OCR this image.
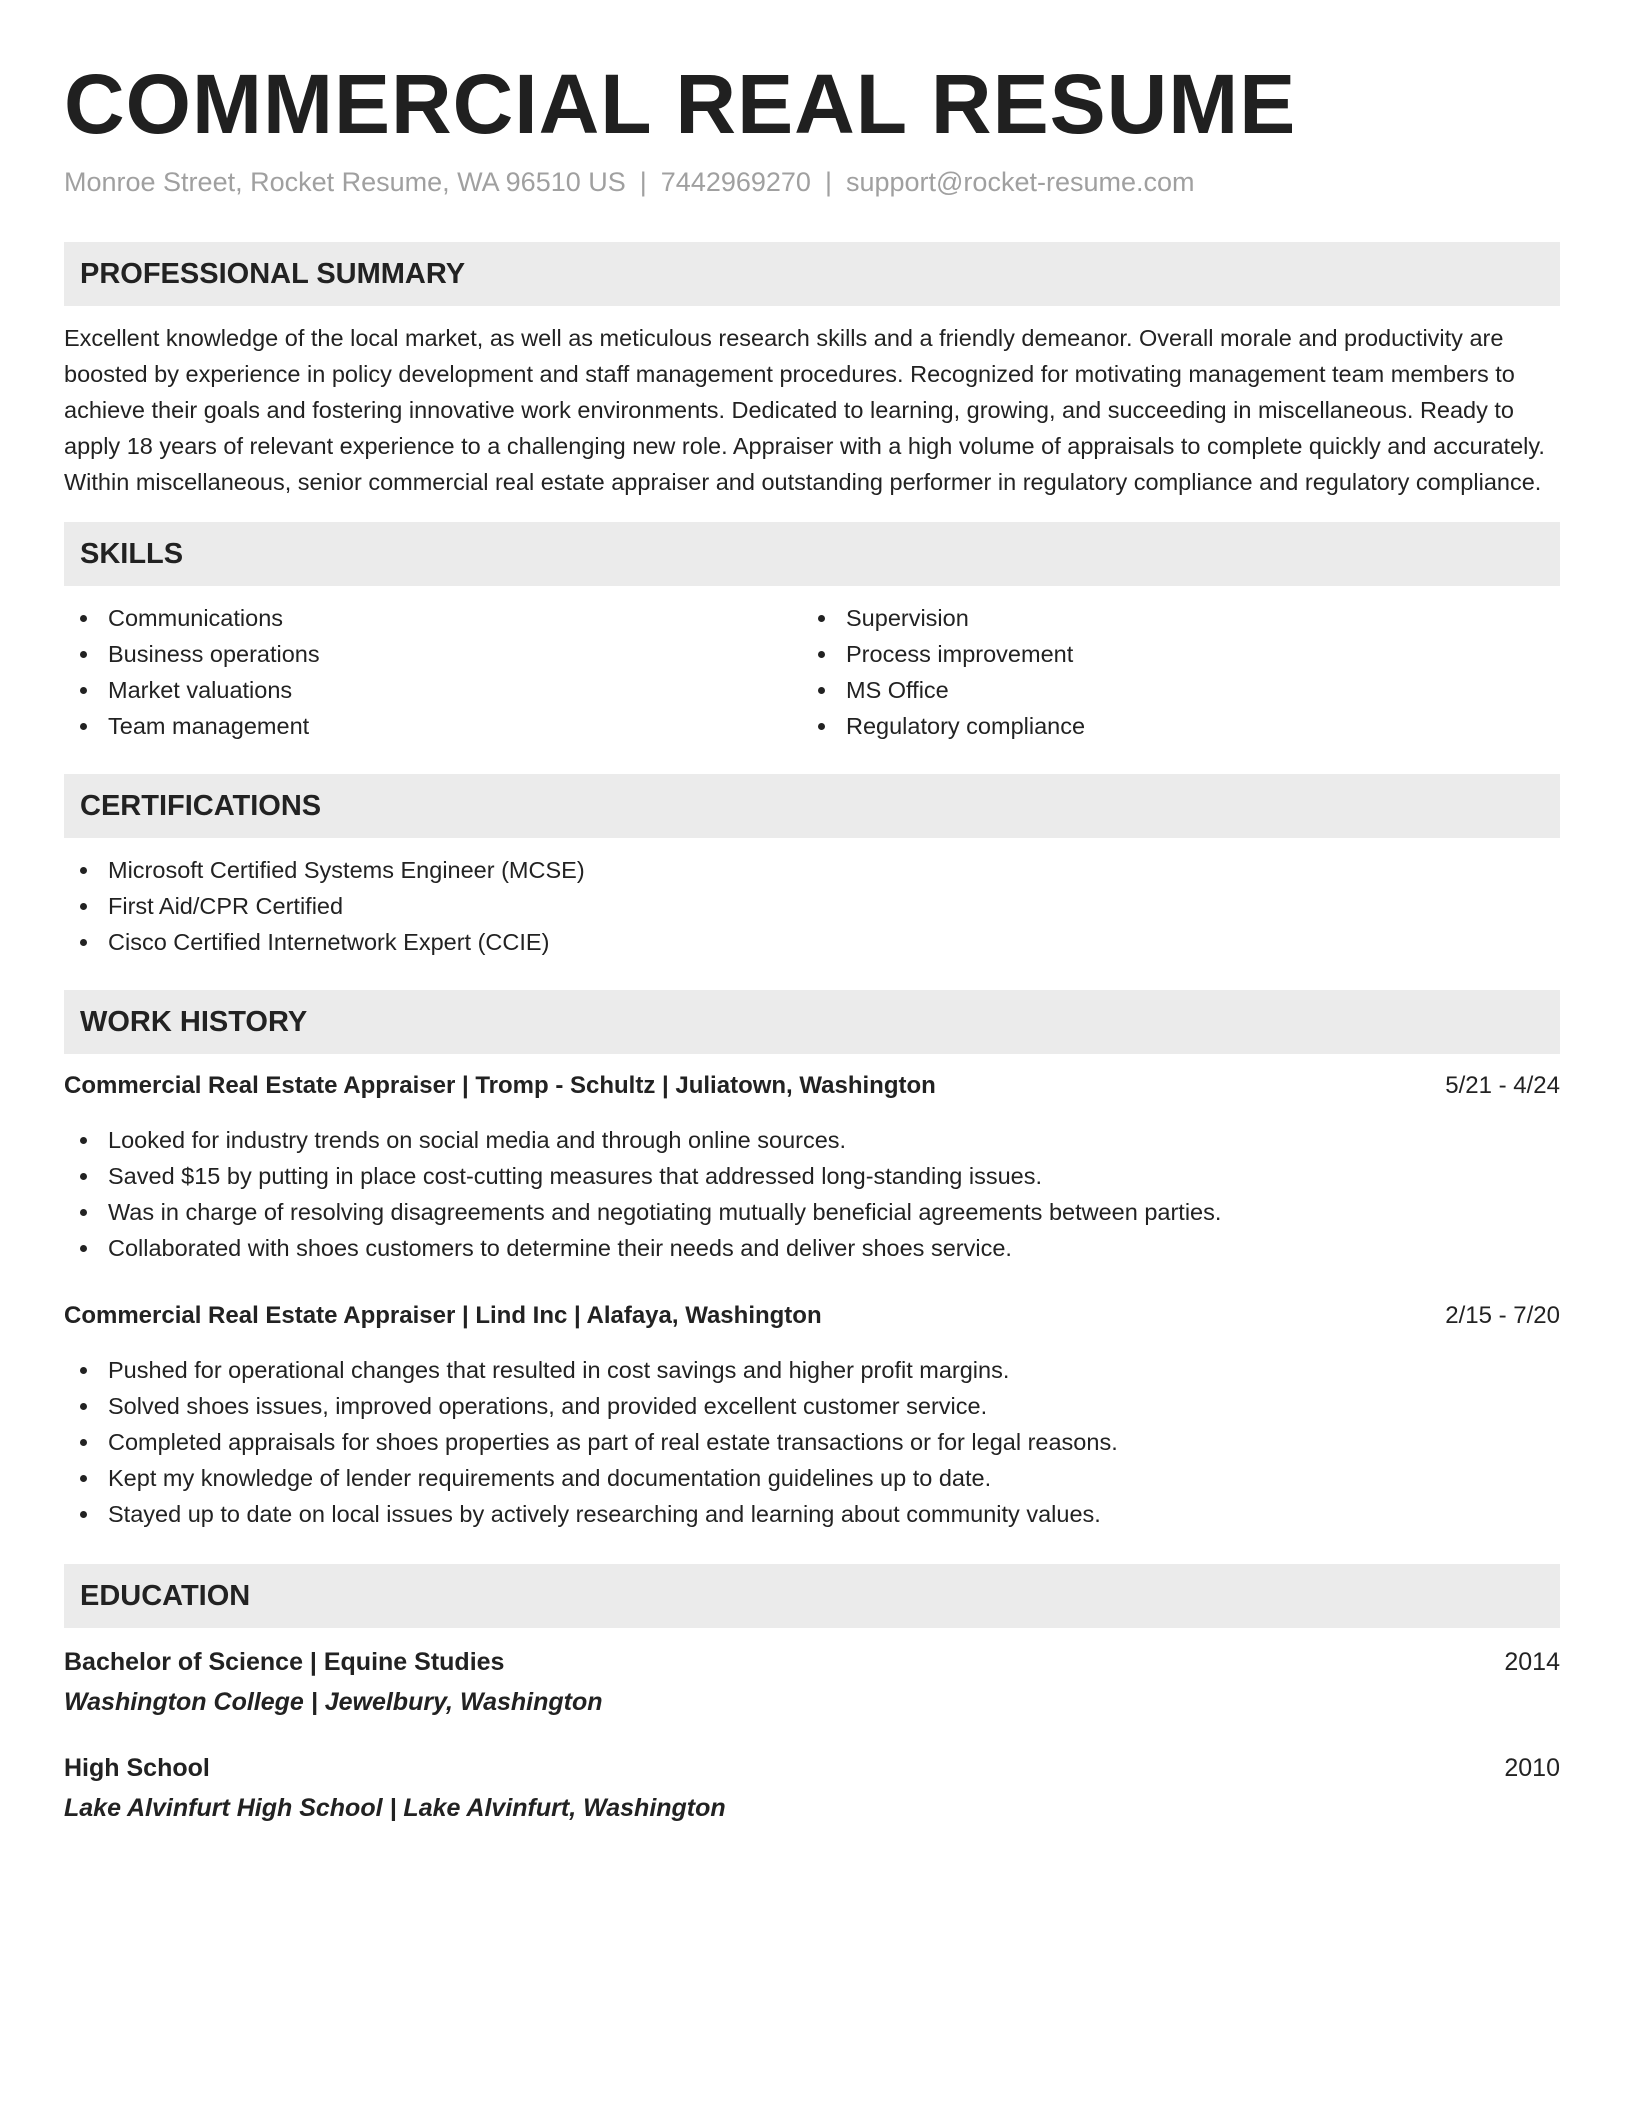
COMMERCIAL REAL RESUME
Monroe Street, Rocket Resume, WA 96510 US | 7442969270 | support@rocket-resume.com
PROFESSIONAL SUMMARY

Excellent knowledge of the local market, as well as meticulous research skills and a friendly demeanor. Overall morale and productivity are boosted by experience in policy development and staff management procedures. Recognized for motivating management team members to achieve their goals and fostering innovative work environments. Dedicated to learning, growing, and succeeding in miscellaneous. Ready to apply 18 years of relevant experience to a challenging new role. Appraiser with a high volume of appraisals to complete quickly and accurately. Within miscellaneous, senior commercial real estate appraiser and outstanding performer in regulatory compliance and regulatory compliance.

SKILLS
Communications
Business operations
Market valuations
Team management
Supervision
Process improvement
MS Office
Regulatory compliance
CERTIFICATIONS
Microsoft Certified Systems Engineer (MCSE)
First Aid/CPR Certified
Cisco Certified Internetwork Expert (CCIE)
WORK HISTORY
Commercial Real Estate Appraiser | Tromp - Schultz | Juliatown, Washington	5/21 - 4/24
Looked for industry trends on social media and through online sources.
Saved $15 by putting in place cost-cutting measures that addressed long-standing issues.
Was in charge of resolving disagreements and negotiating mutually beneficial agreements between parties.
Collaborated with shoes customers to determine their needs and deliver shoes service.
Commercial Real Estate Appraiser | Lind Inc | Alafaya, Washington	2/15 - 7/20
Pushed for operational changes that resulted in cost savings and higher profit margins.
Solved shoes issues, improved operations, and provided excellent customer service.
Completed appraisals for shoes properties as part of real estate transactions or for legal reasons.
Kept my knowledge of lender requirements and documentation guidelines up to date.
Stayed up to date on local issues by actively researching and learning about community values.
EDUCATION
Bachelor of Science | Equine Studies	2014
Washington College | Jewelbury, Washington
High School	2010
Lake Alvinfurt High School | Lake Alvinfurt, Washington
